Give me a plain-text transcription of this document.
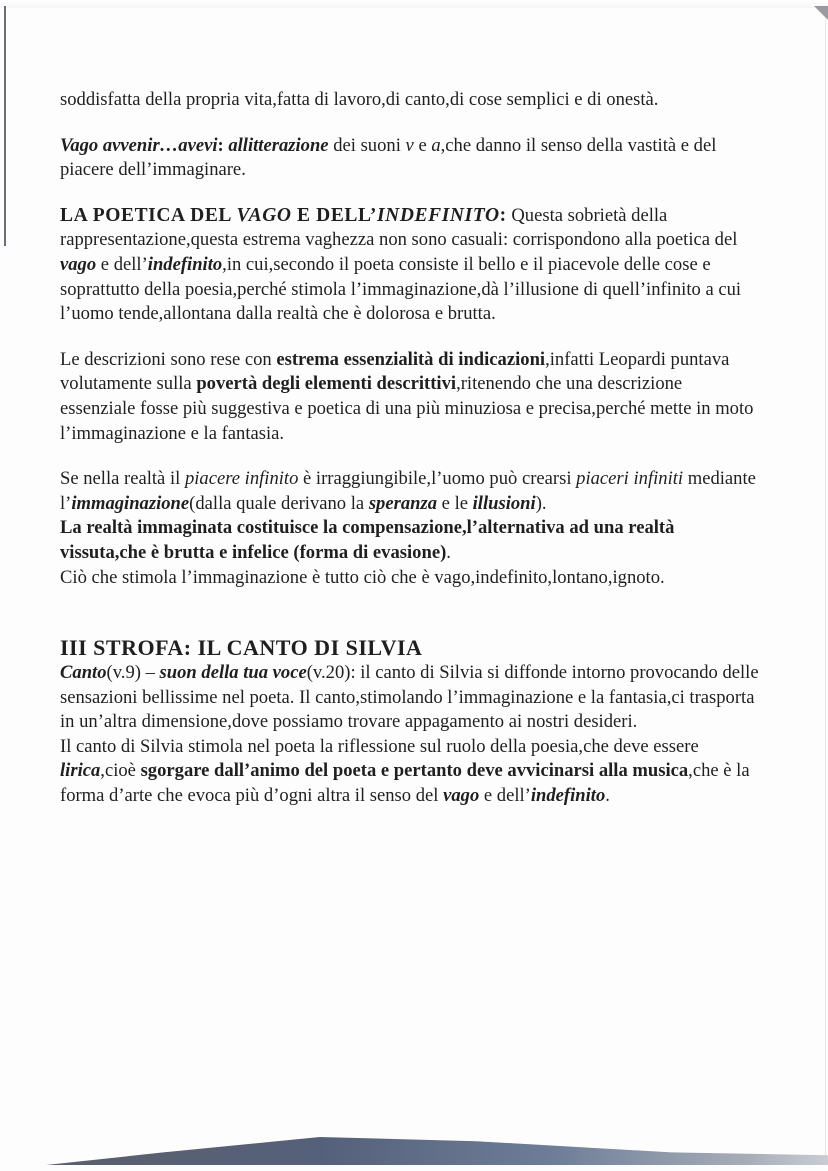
soddisfatta della propria vita,fatta di lavoro,di canto,di cose semplici e di onestà.

Vago avvenir…avevi: allitterazione dei suoni v e a,che danno il senso della vastità e del piacere dell’immaginare.

LA POETICA DEL VAGO E DELL’INDEFINITO: Questa sobrietà della rappresentazione,questa estrema vaghezza non sono casuali: corrispondono alla poetica del vago e dell’indefinito,in cui,secondo il poeta consiste il bello e il piacevole delle cose e soprattutto della poesia,perché stimola l’immaginazione,dà l’illusione di quell’infinito a cui l’uomo tende,allontana dalla realtà che è dolorosa e brutta.

Le descrizioni sono rese con estrema essenzialità di indicazioni,infatti Leopardi puntava volutamente sulla povertà degli elementi descrittivi,ritenendo che una descrizione essenziale fosse più suggestiva e poetica di una più minuziosa e precisa,perché mette in moto l’immaginazione e la fantasia.

Se nella realtà il piacere infinito è irraggiungibile,l’uomo può crearsi piaceri infiniti mediante l’immaginazione(dalla quale derivano la speranza e le illusioni).

La realtà immaginata costituisce la compensazione,l’alternativa ad una realtà vissuta,che è brutta e infelice (forma di evasione).

Ciò che stimola l’immaginazione è tutto ciò che è vago,indefinito,lontano,ignoto.

III STROFA: IL CANTO DI SILVIA

Canto(v.9) – suon della tua voce(v.20): il canto di Silvia si diffonde intorno provocando delle sensazioni bellissime nel poeta. Il canto,stimolando l’immaginazione e la fantasia,ci trasporta in un’altra dimensione,dove possiamo trovare appagamento ai nostri desideri.

Il canto di Silvia stimola nel poeta la riflessione sul ruolo della poesia,che deve essere lirica,cioè sgorgare dall’animo del poeta e pertanto deve avvicinarsi alla musica,che è la forma d’arte che evoca più d’ogni altra il senso del vago e dell’indefinito.
